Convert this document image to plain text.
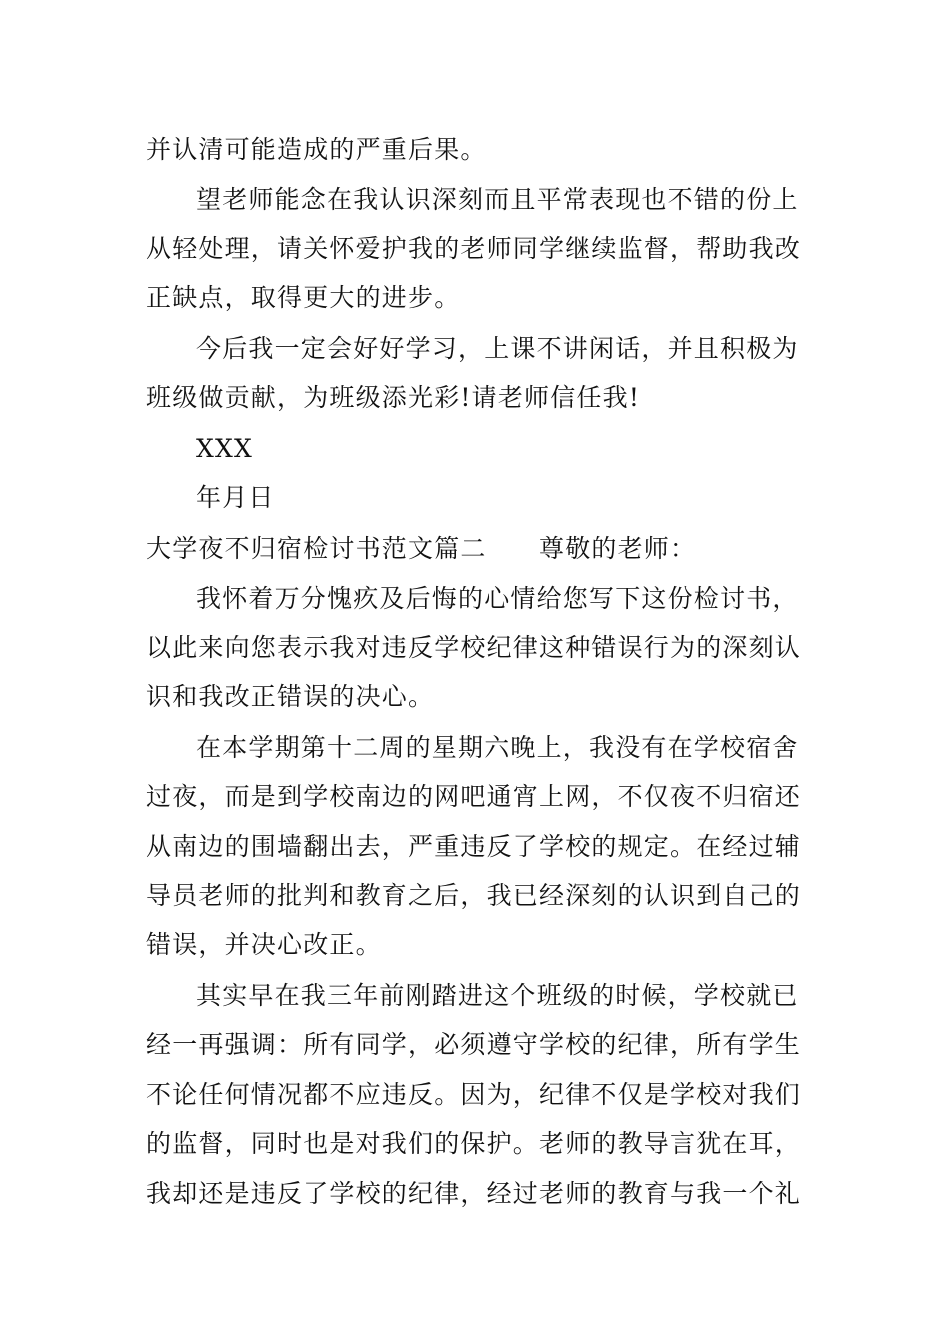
并认清可能造成的严重后果。
望老师能念在我认识深刻而且平常表现也不错的份上
从轻处理，请关怀爱护我的老师同学继续监督，帮助我改
正缺点，取得更大的进步。
今后我一定会好好学习，上课不讲闲话，并且积极为
班级做贡献，为班级添光彩!请老师信任我!
XXX
年月日
大学夜不归宿检讨书范文篇二　　尊敬的老师：
我怀着万分愧疚及后悔的心情给您写下这份检讨书，
以此来向您表示我对违反学校纪律这种错误行为的深刻认
识和我改正错误的决心。
在本学期第十二周的星期六晚上，我没有在学校宿舍
过夜，而是到学校南边的网吧通宵上网，不仅夜不归宿还
从南边的围墙翻出去，严重违反了学校的规定。在经过辅
导员老师的批判和教育之后，我已经深刻的认识到自己的
错误，并决心改正。
其实早在我三年前刚踏进这个班级的时候，学校就已
经一再强调：所有同学，必须遵守学校的纪律，所有学生
不论任何情况都不应违反。因为，纪律不仅是学校对我们
的监督，同时也是对我们的保护。老师的教导言犹在耳，
我却还是违反了学校的纪律，经过老师的教育与我一个礼
